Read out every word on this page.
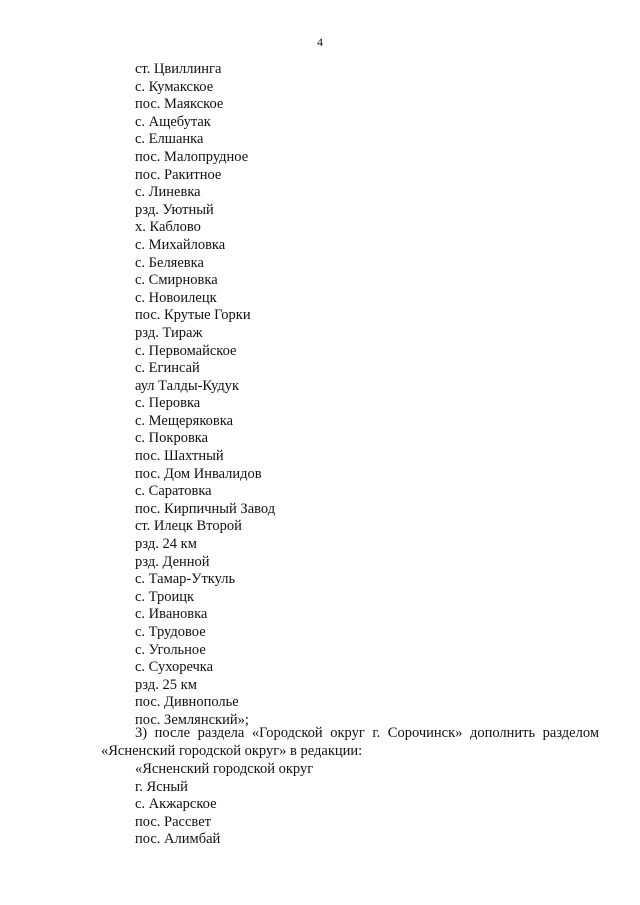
4
ст. Цвиллинга
с. Кумакское
пос. Маякское
с. Ащебутак
с. Елшанка
пос. Малопрудное
пос. Ракитное
с. Линевка
рзд. Уютный
х. Каблово
с. Михайловка
с. Беляевка
с. Смирновка
с. Новоилецк
пос. Крутые Горки
рзд. Тираж
с. Первомайское
с. Егинсай
аул Талды-Кудук
с. Перовка
с. Мещеряковка
с. Покровка
пос. Шахтный
пос. Дом Инвалидов
с. Саратовка
пос. Кирпичный Завод
ст. Илецк Второй
рзд. 24 км
рзд. Денной
с. Тамар-Уткуль
с. Троицк
с. Ивановка
с. Трудовое
с. Угольное
с. Сухоречка
рзд. 25 км
пос. Дивнополье
пос. Землянский»;

3) после раздела «Городской округ г. Сорочинск» дополнить разделом «Ясненский городской округ» в редакции:

«Ясненский городской округ
г. Ясный
с. Акжарское
пос. Рассвет
пос. Алимбай
